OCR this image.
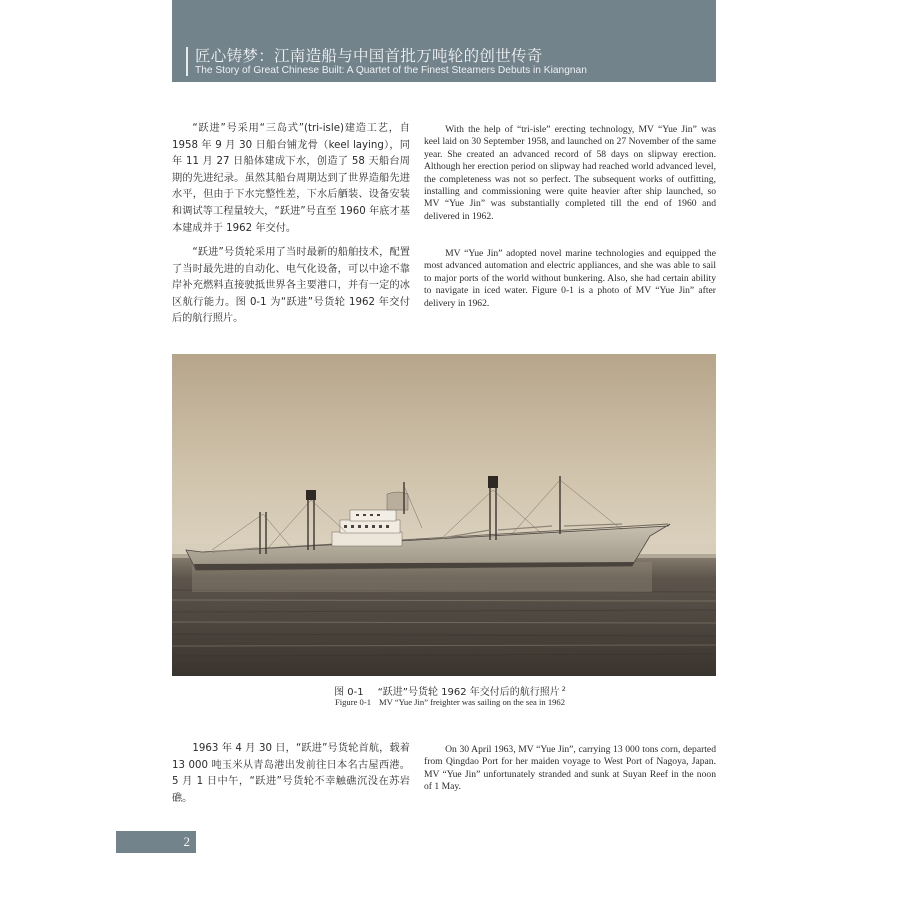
匠心铸梦：江南造船与中国首批万吨轮的创世传奇
The Story of Great Chinese Built: A Quartet of the Finest Steamers Debuts in Kiangnan

“跃进”号采用“三岛式”(tri-isle)建造工艺，自 1958 年 9 月 30 日船台铺龙骨（keel laying），同年 11 月 27 日船体建成下水，创造了 58 天船台周期的先进纪录。虽然其船台周期达到了世界造船先进水平，但由于下水完整性差，下水后舾装、设备安装和调试等工程量较大，“跃进”号直至 1960 年底才基本建成并于 1962 年交付。

With the help of “tri-isle” erecting technology, MV “Yue Jin” was keel laid on 30 September 1958, and launched on 27 November of the same year. She created an advanced record of 58 days on slipway erection. Although her erection period on slipway had reached world advanced level, the completeness was not so perfect. The subsequent works of outfitting, installing and commissioning were quite heavier after ship launched, so MV “Yue Jin” was substantially completed till the end of 1960 and delivered in 1962.

“跃进”号货轮采用了当时最新的船舶技术，配置了当时最先进的自动化、电气化设备，可以中途不靠岸补充燃料直接驶抵世界各主要港口，并有一定的冰区航行能力。图 0-1 为“跃进”号货轮 1962 年交付后的航行照片。

MV “Yue Jin” adopted novel marine technologies and equipped the most advanced automation and electric appliances, and she was able to sail to major ports of the world without bunkering. Also, she had certain ability to navigate in iced water. Figure 0-1 is a photo of MV “Yue Jin” after delivery in 1962.

图 0-1 “跃进”号货轮 1962 年交付后的航行照片 $^2$
Figure 0-1 MV “Yue Jin” freighter was sailing on the sea in 1962

1963 年 4 月 30 日，“跃进”号货轮首航，载着 13 000 吨玉米从青岛港出发前往日本名古屋西港。5 月 1 日中午，“跃进”号货轮不幸触礁沉没在苏岩礁。

On 30 April 1963, MV “Yue Jin”, carrying 13 000 tons corn, departed from Qingdao Port for her maiden voyage to West Port of Nagoya, Japan. MV “Yue Jin” unfortunately stranded and sunk at Suyan Reef in the noon of 1 May.

2
